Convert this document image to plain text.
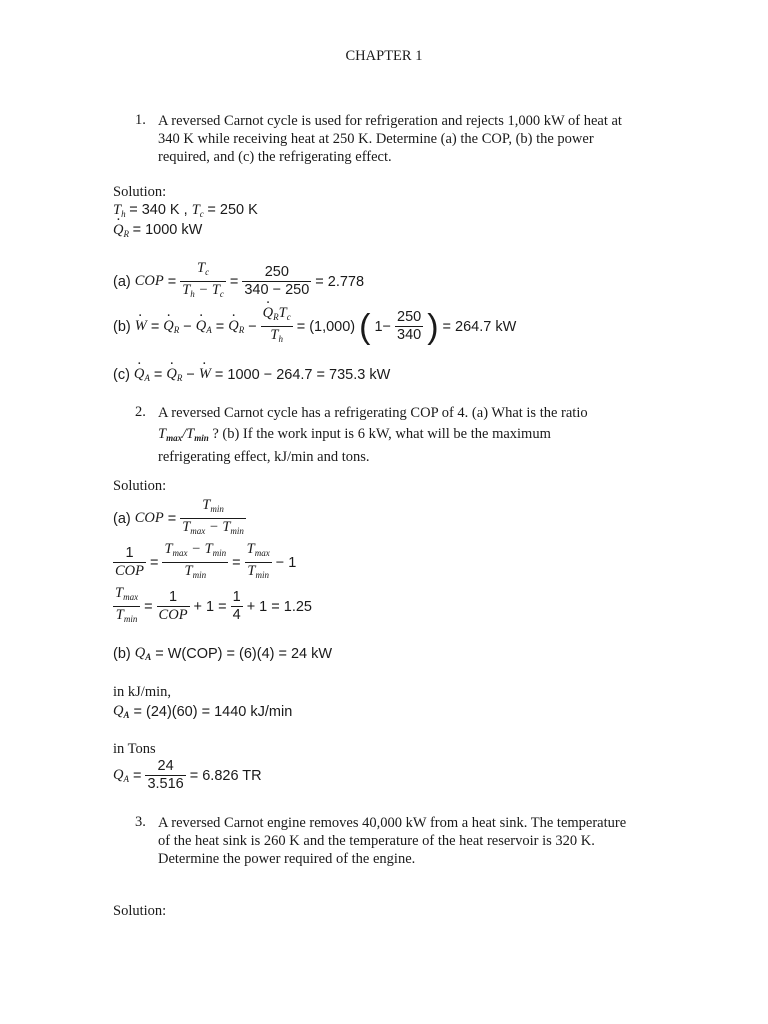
CHAPTER 1
1. A reversed Carnot cycle is used for refrigeration and rejects 1,000 kW of heat at
340 K while receiving heat at 250 K. Determine (a) the COP, (b) the power
required, and (c) the refrigerating effect.
Solution:
$T_h = 340$ K , $T_c = 250$ K
· $Q_R = 1000$ kW
(a) COP = $\frac{T_c}{T_h - T_c} = \frac{250}{340 - 250} = 2.778$
(b)
· W =
· $Q_R$ −
· $Q_A$ =
· $Q_R$ −
· $\frac{Q_RT_c}{T_h} = (1,000)$ ( $1- \frac{250}{340}$ ) = 264.7 kW
(c)
· $Q_A$ =
· $Q_R$ −
· W = 1000 − 264.7 = 735.3 kW
2. A reversed Carnot cycle has a refrigerating COP of 4. (a) What is the ratio
$T_{max}/T_{min}$ ? (b) If the work input is 6 kW, what will be the maximum
refrigerating effect, kJ/min and tons.
Solution:
(a) COP = $\frac{T_{min}}{T_{max} - T_{min}}$
$\frac{1}{\text{COP}} = \frac{T_{max} - T_{min}}{T_{min}} = \frac{T_{max}}{T_{min}} - 1$
$\frac{T_{max}}{T_{min}} = \frac{1}{\text{COP}} + 1 = \frac{1}{4} + 1 = 1.25$
(b) $Q_A = W(COP) = (6)(4) = 24$ kW
in kJ/min,
$Q_A = (24)(60) = 1440$ kJ/min
in Tons
$Q_A = \frac{24}{3.516} = 6.826$ TR
3. A reversed Carnot engine removes 40,000 kW from a heat sink. The temperature
of the heat sink is 260 K and the temperature of the heat reservoir is 320 K.
Determine the power required of the engine.
Solution:
